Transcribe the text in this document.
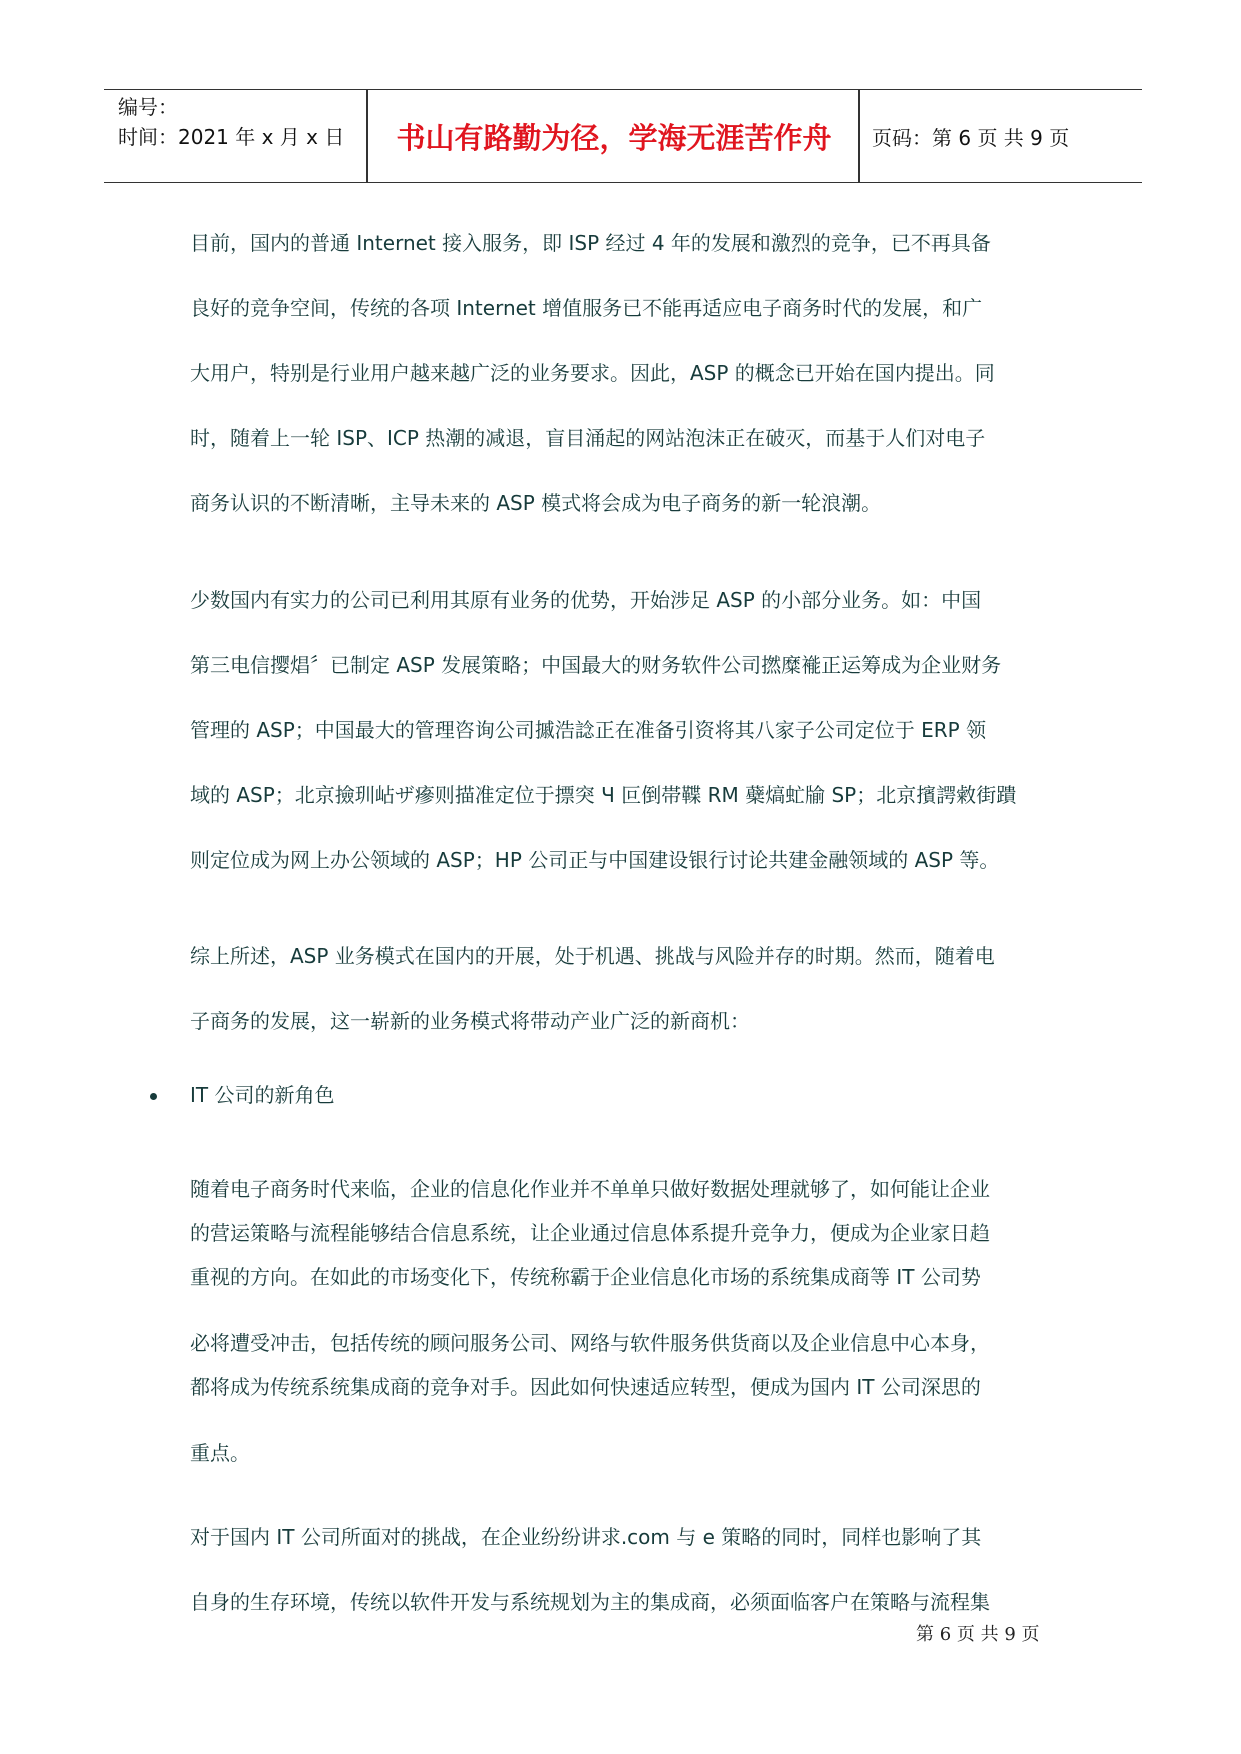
编号：
时间：2021 年 x 月 x 日	书山有路勤为径，学海无涯苦作舟	页码：第 6 页 共 9 页

目前，国内的普通 Internet 接入服务，即 ISP 经过 4 年的发展和激烈的竞争，已不再具备

良好的竞争空间，传统的各项 Internet 增值服务已不能再适应电子商务时代的发展，和广

大用户，特别是行业用户越来越广泛的业务要求。因此，ASP 的概念已开始在国内提出。同

时，随着上一轮 ISP、ICP 热潮的减退，盲目涌起的网站泡沫正在破灭，而基于人们对电子

商务认识的不断清晰，主导未来的 ASP 模式将会成为电子商务的新一轮浪潮。

少数国内有实力的公司已利用其原有业务的优势，开始涉足 ASP 的小部分业务。如：中国

第三电信撄焻〞已制定 ASP 发展策略；中国最大的财务软件公司撚糜褦正运筹成为企业财务

管理的 ASP；中国最大的管理咨询公司摵浩諗正在准备引资将其八家子公司定位于 ERP 领

域的 ASP；北京撿玔岾ザ瘮则描准定位于摽突 Ч 叵倒帯鞢 RM 蘗熇虻牏 SP；北京擯諤敹街蹪

则定位成为网上办公领域的 ASP；HP 公司正与中国建设银行讨论共建金融领域的 ASP 等。

综上所述，ASP 业务模式在国内的开展，处于机遇、挑战与风险并存的时期。然而，随着电

子商务的发展，这一崭新的业务模式将带动产业广泛的新商机：

IT 公司的新角色

随着电子商务时代来临，企业的信息化作业并不单单只做好数据处理就够了，如何能让企业

的营运策略与流程能够结合信息系统，让企业通过信息体系提升竞争力，便成为企业家日趋

重视的方向。在如此的市场变化下，传统称霸于企业信息化市场的系统集成商等 IT 公司势

必将遭受冲击，包括传统的顾问服务公司、网络与软件服务供货商以及企业信息中心本身，

都将成为传统系统集成商的竞争对手。因此如何快速适应转型，便成为国内 IT 公司深思的

重点。

对于国内 IT 公司所面对的挑战，在企业纷纷讲求.com 与 e 策略的同时，同样也影响了其

自身的生存环境，传统以软件开发与系统规划为主的集成商，必须面临客户在策略与流程集

第 6 页 共 9 页
